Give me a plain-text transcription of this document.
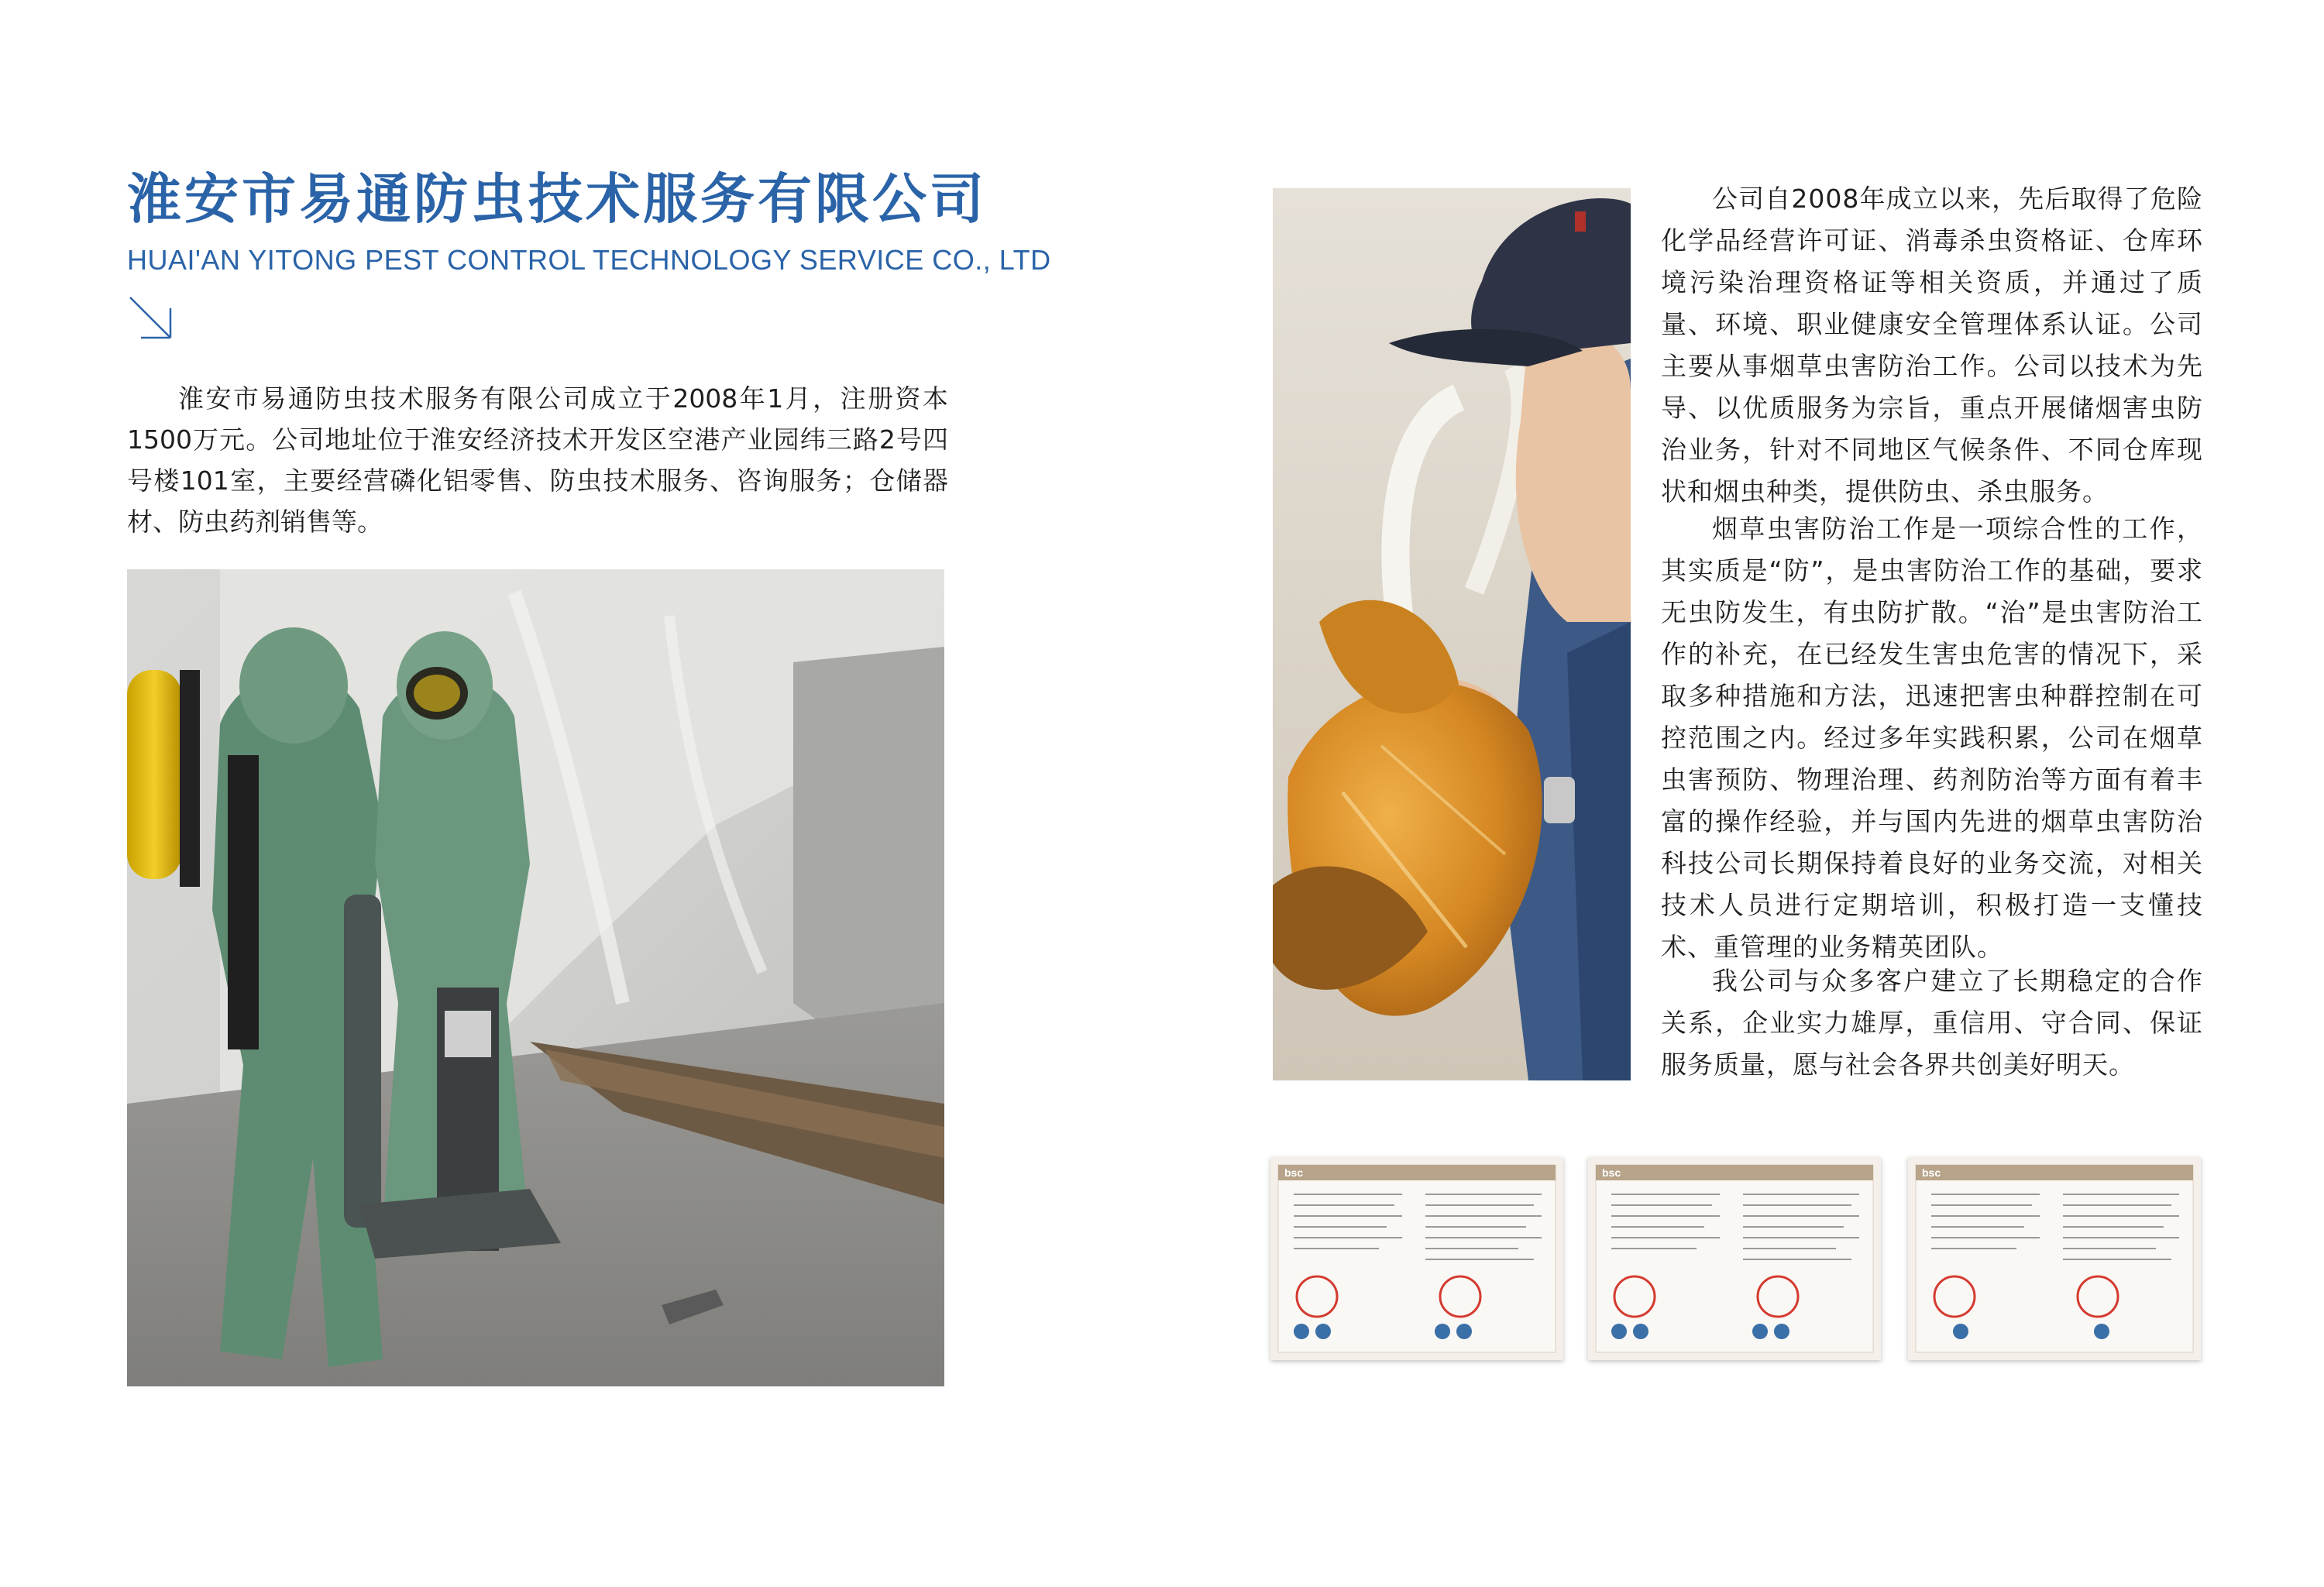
淮安市易通防虫技术服务有限公司
HUAI'AN YITONG PEST CONTROL TECHNOLOGY SERVICE CO., LTD

淮安市易通防虫技术服务有限公司成立于2008年1月，注册资本1500万元。公司地址位于淮安经济技术开发区空港产业园纬三路2号四号楼101室，主要经营磷化铝零售、防虫技术服务、咨询服务；仓储器材、防虫药剂销售等。

公司自2008年成立以来，先后取得了危险化学品经营许可证、消毒杀虫资格证、仓库环境污染治理资格证等相关资质，并通过了质量、环境、职业健康安全管理体系认证。公司主要从事烟草虫害防治工作。公司以技术为先导、以优质服务为宗旨，重点开展储烟害虫防治业务，针对不同地区气候条件、不同仓库现状和烟虫种类，提供防虫、杀虫服务。

烟草虫害防治工作是一项综合性的工作，其实质是“防”，是虫害防治工作的基础，要求无虫防发生，有虫防扩散。“治”是虫害防治工作的补充，在已经发生害虫危害的情况下，采取多种措施和方法，迅速把害虫种群控制在可控范围之内。经过多年实践积累，公司在烟草虫害预防、物理治理、药剂防治等方面有着丰富的操作经验，并与国内先进的烟草虫害防治科技公司长期保持着良好的业务交流，对相关技术人员进行定期培训，积极打造一支懂技术、重管理的业务精英团队。

我公司与众多客户建立了长期稳定的合作关系，企业实力雄厚，重信用、守合同、保证服务质量，愿与社会各界共创美好明天。

bsc	bsc	bsc
